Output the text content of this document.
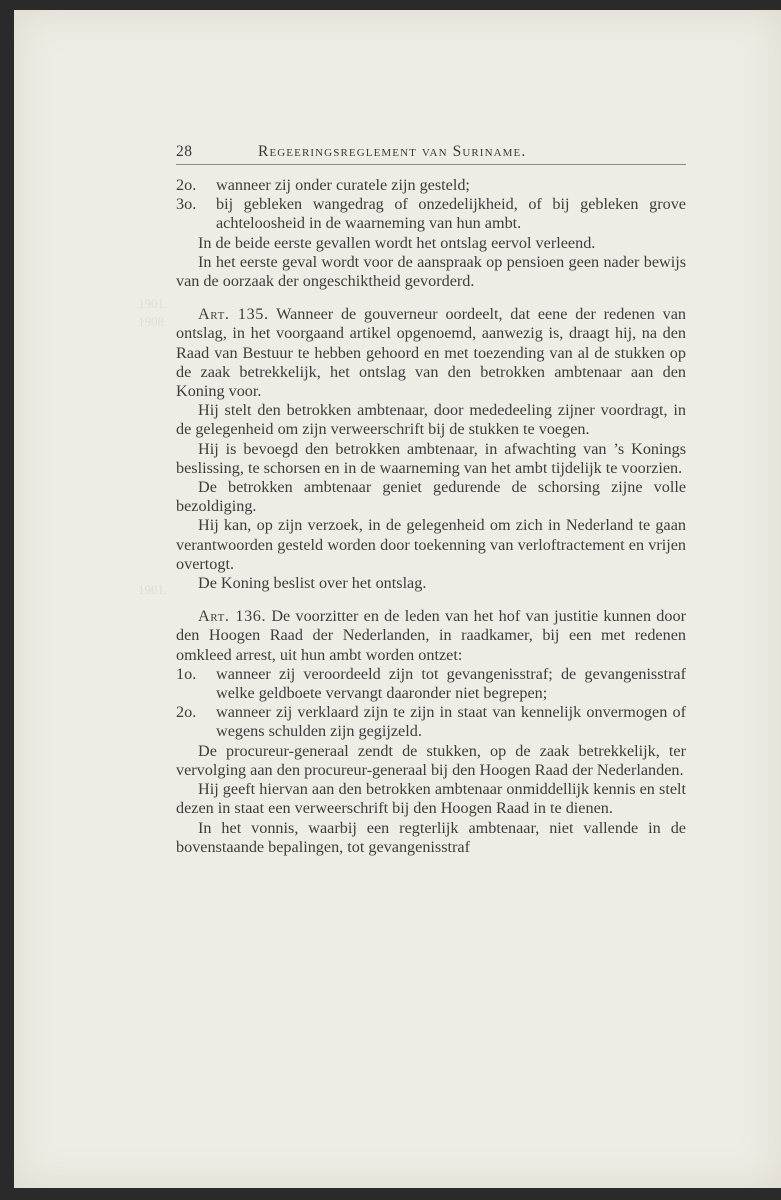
1901.
1908.
1901.
28	Regeeringsreglement van Suriname.

2o. wanneer zij onder curatele zijn gesteld;

3o. bij gebleken wangedrag of onzedelijkheid, of bij gebleken grove achteloosheid in de waarneming van hun ambt.

In de beide eerste gevallen wordt het ontslag eervol verleend.

In het eerste geval wordt voor de aanspraak op pensioen geen nader bewijs van de oorzaak der ongeschiktheid gevorderd.

Art. 135. Wanneer de gouverneur oordeelt, dat eene der redenen van ontslag, in het voorgaand artikel opgenoemd, aanwezig is, draagt hij, na den Raad van Bestuur te hebben gehoord en met toezending van al de stukken op de zaak betrekkelijk, het ontslag van den betrokken ambtenaar aan den Koning voor.

Hij stelt den betrokken ambtenaar, door mededeeling zijner voordragt, in de gelegenheid om zijn verweerschrift bij de stukken te voegen.

Hij is bevoegd den betrokken ambtenaar, in afwachting van ’s Konings beslissing, te schorsen en in de waarneming van het ambt tijdelijk te voorzien.

De betrokken ambtenaar geniet gedurende de schorsing zijne volle bezoldiging.

Hij kan, op zijn verzoek, in de gelegenheid om zich in Nederland te gaan verantwoorden gesteld worden door toekenning van verloftractement en vrijen overtogt.

De Koning beslist over het ontslag.

Art. 136. De voorzitter en de leden van het hof van justitie kunnen door den Hoogen Raad der Nederlanden, in raadkamer, bij een met redenen omkleed arrest, uit hun ambt worden ontzet:

1o. wanneer zij veroordeeld zijn tot gevangenisstraf; de gevangenisstraf welke geldboete vervangt daaronder niet begrepen;

2o. wanneer zij verklaard zijn te zijn in staat van kennelijk onvermogen of wegens schulden zijn gegijzeld.

De procureur-generaal zendt de stukken, op de zaak betrekkelijk, ter vervolging aan den procureur-generaal bij den Hoogen Raad der Nederlanden.

Hij geeft hiervan aan den betrokken ambtenaar onmiddellijk kennis en stelt dezen in staat een verweerschrift bij den Hoogen Raad in te dienen.

In het vonnis, waarbij een regterlijk ambtenaar, niet vallende in de bovenstaande bepalingen, tot gevangenisstraf
